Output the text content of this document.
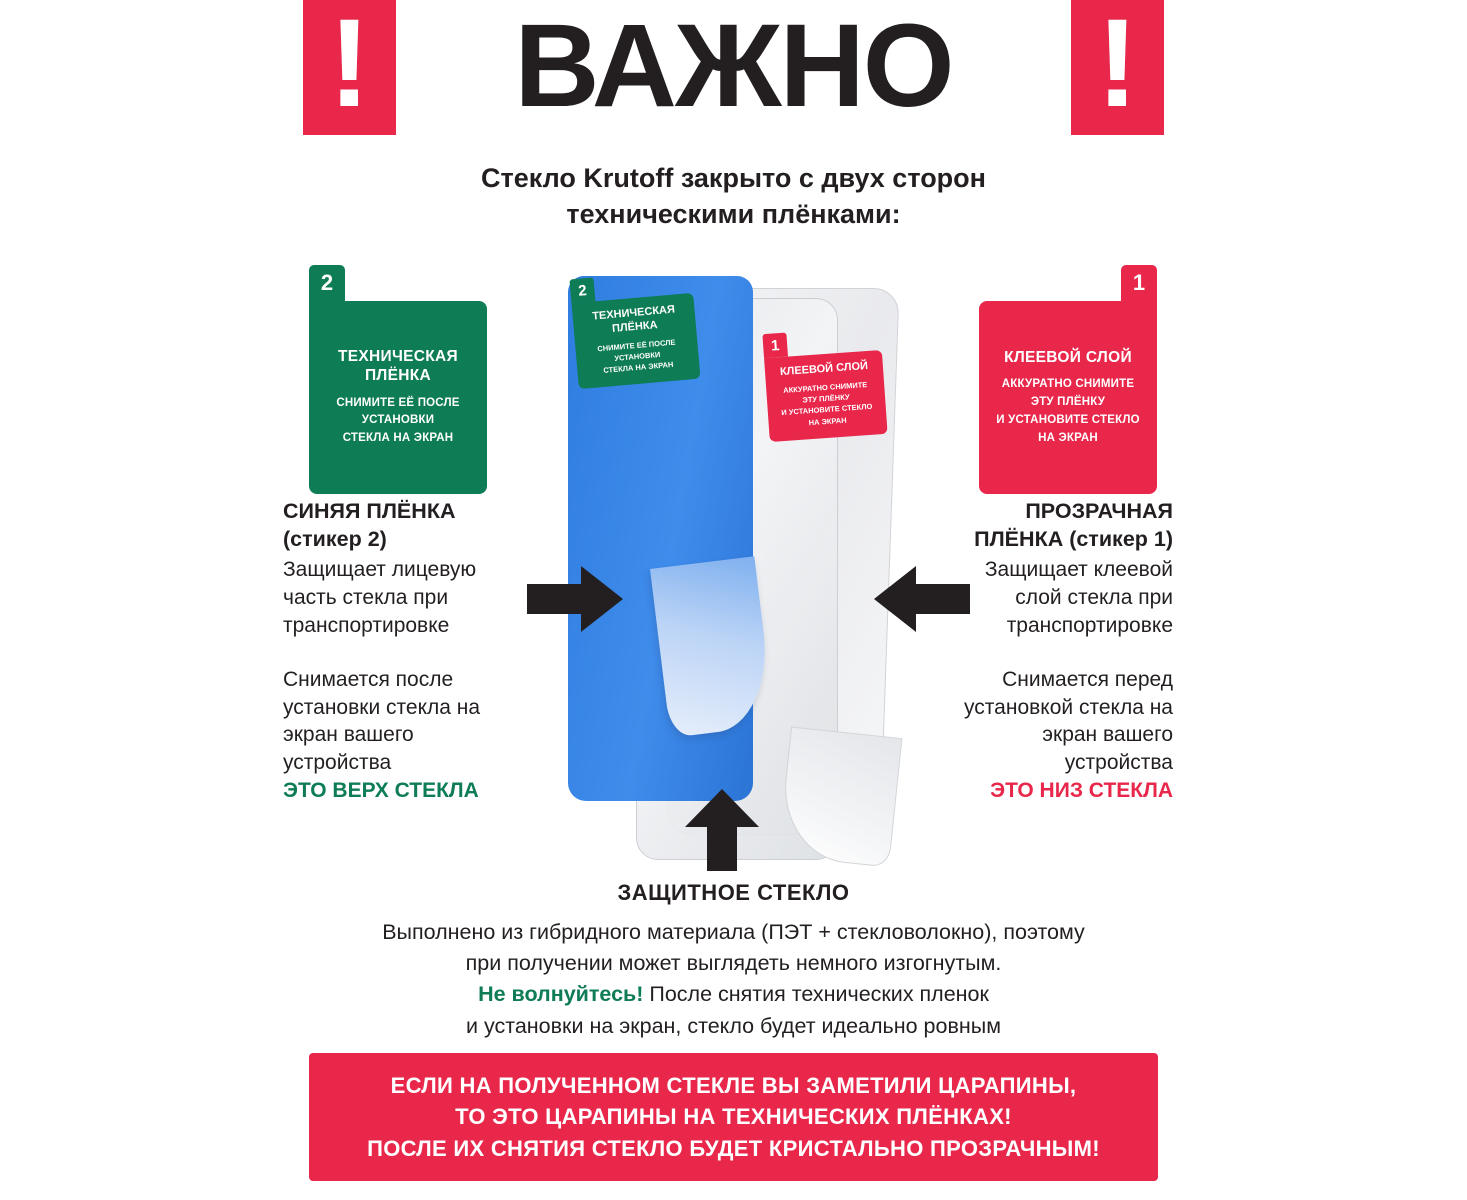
!	ВАЖНО	!
Стекло Krutoff закрыто с двух сторон
техническими плёнками:
2
ТЕХНИЧЕСКАЯ
ПЛЁНКА
СНИМИТЕ ЕЁ ПОСЛЕ
УСТАНОВКИ
СТЕКЛА НА ЭКРАН
1
КЛЕЕВОЙ СЛОЙ
АККУРАТНО СНИМИТЕ
ЭТУ ПЛЁНКУ
И УСТАНОВИТЕ СТЕКЛО
НА ЭКРАН
2
ТЕХНИЧЕСКАЯ
ПЛЁНКА
СНИМИТЕ ЕЁ ПОСЛЕ
УСТАНОВКИ
СТЕКЛА НА ЭКРАН
1
КЛЕЕВОЙ СЛОЙ
АККУРАТНО СНИМИТЕ
ЭТУ ПЛЁНКУ
И УСТАНОВИТЕ СТЕКЛО
НА ЭКРАН
СИНЯЯ ПЛЁНКА
(стикер 2)
Защищает лицевую часть стекла при транспортировке
Снимается после установки стекла на экран вашего устройства
ЭТО ВЕРХ СТЕКЛА
ПРОЗРАЧНАЯ
ПЛЁНКА (стикер 1)
Защищает клеевой слой стекла при транспортировке
Снимается перед установкой стекла на экран вашего устройства
ЭТО НИЗ СТЕКЛА
ЗАЩИТНОЕ СТЕКЛО
Выполнено из гибридного материала (ПЭТ + стекловолокно), поэтому
при получении может выглядеть немного изгогнутым.
Не волнуйтесь! После снятия технических пленок
и установки на экран, стекло будет идеально ровным
ЕСЛИ НА ПОЛУЧЕННОМ СТЕКЛЕ ВЫ ЗАМЕТИЛИ ЦАРАПИНЫ,
ТО ЭТО ЦАРАПИНЫ НА ТЕХНИЧЕСКИХ ПЛЁНКАХ!
ПОСЛЕ ИХ СНЯТИЯ СТЕКЛО БУДЕТ КРИСТАЛЬНО ПРОЗРАЧНЫМ!
